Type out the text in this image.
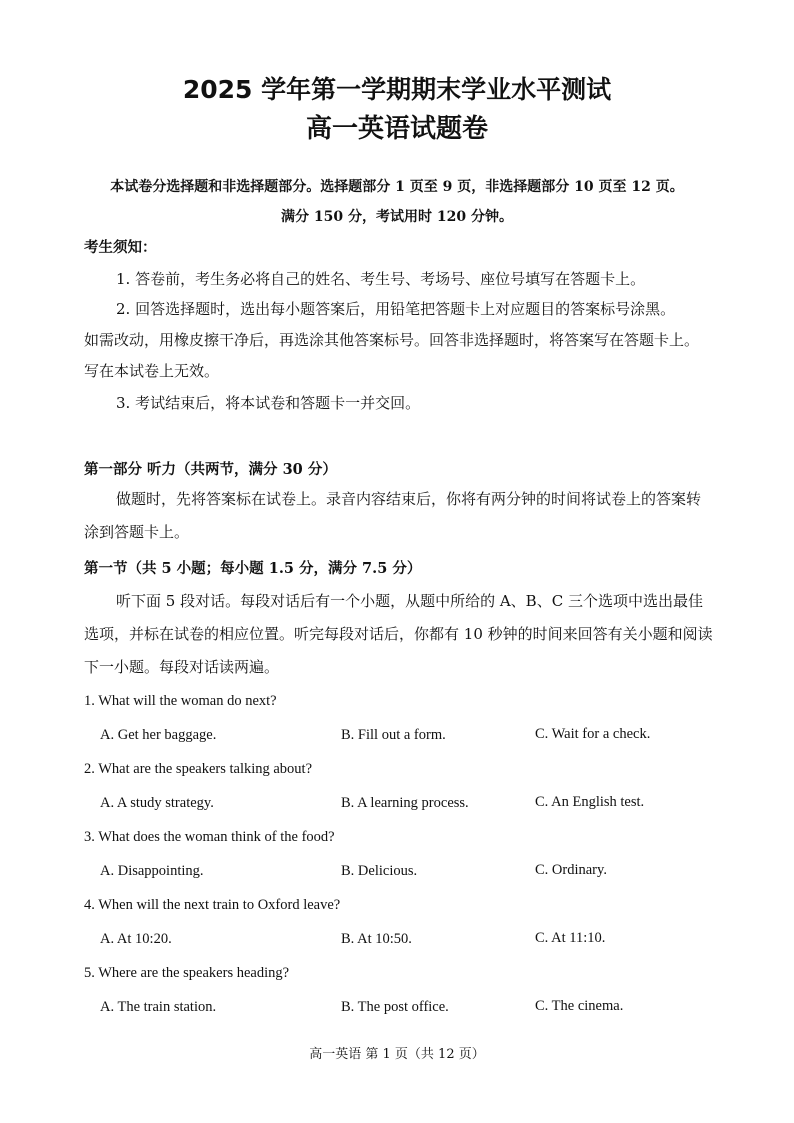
2025 学年第一学期期末学业水平测试
高一英语试题卷
本试卷分选择题和非选择题部分。选择题部分 1 页至 9 页，非选择题部分 10 页至 12 页。
满分 150 分，考试用时 120 分钟。
考生须知：
1. 答卷前，考生务必将自己的姓名、考生号、考场号、座位号填写在答题卡上。
2. 回答选择题时，选出每小题答案后，用铅笔把答题卡上对应题目的答案标号涂黑。
如需改动，用橡皮擦干净后，再选涂其他答案标号。回答非选择题时，将答案写在答题卡上。
写在本试卷上无效。
3. 考试结束后，将本试卷和答题卡一并交回。
第一部分 听力（共两节，满分 30 分）
做题时，先将答案标在试卷上。录音内容结束后，你将有两分钟的时间将试卷上的答案转
涂到答题卡上。
第一节（共 5 小题；每小题 1.5 分，满分 7.5 分）
听下面 5 段对话。每段对话后有一个小题，从题中所给的 A、B、C 三个选项中选出最佳
选项，并标在试卷的相应位置。听完每段对话后，你都有 10 秒钟的时间来回答有关小题和阅读
下一小题。每段对话读两遍。
1. What will the woman do next?
A. Get her baggage.	B. Fill out a form.	C. Wait for a check.
2. What are the speakers talking about?
A. A study strategy.	B. A learning process.	C. An English test.
3. What does the woman think of the food?
A. Disappointing.	B. Delicious.	C. Ordinary.
4. When will the next train to Oxford leave?
A. At 10:20.	B. At 10:50.	C. At 11:10.
5. Where are the speakers heading?
A. The train station.	B. The post office.	C. The cinema.
高一英语 第 1 页（共 12 页）
